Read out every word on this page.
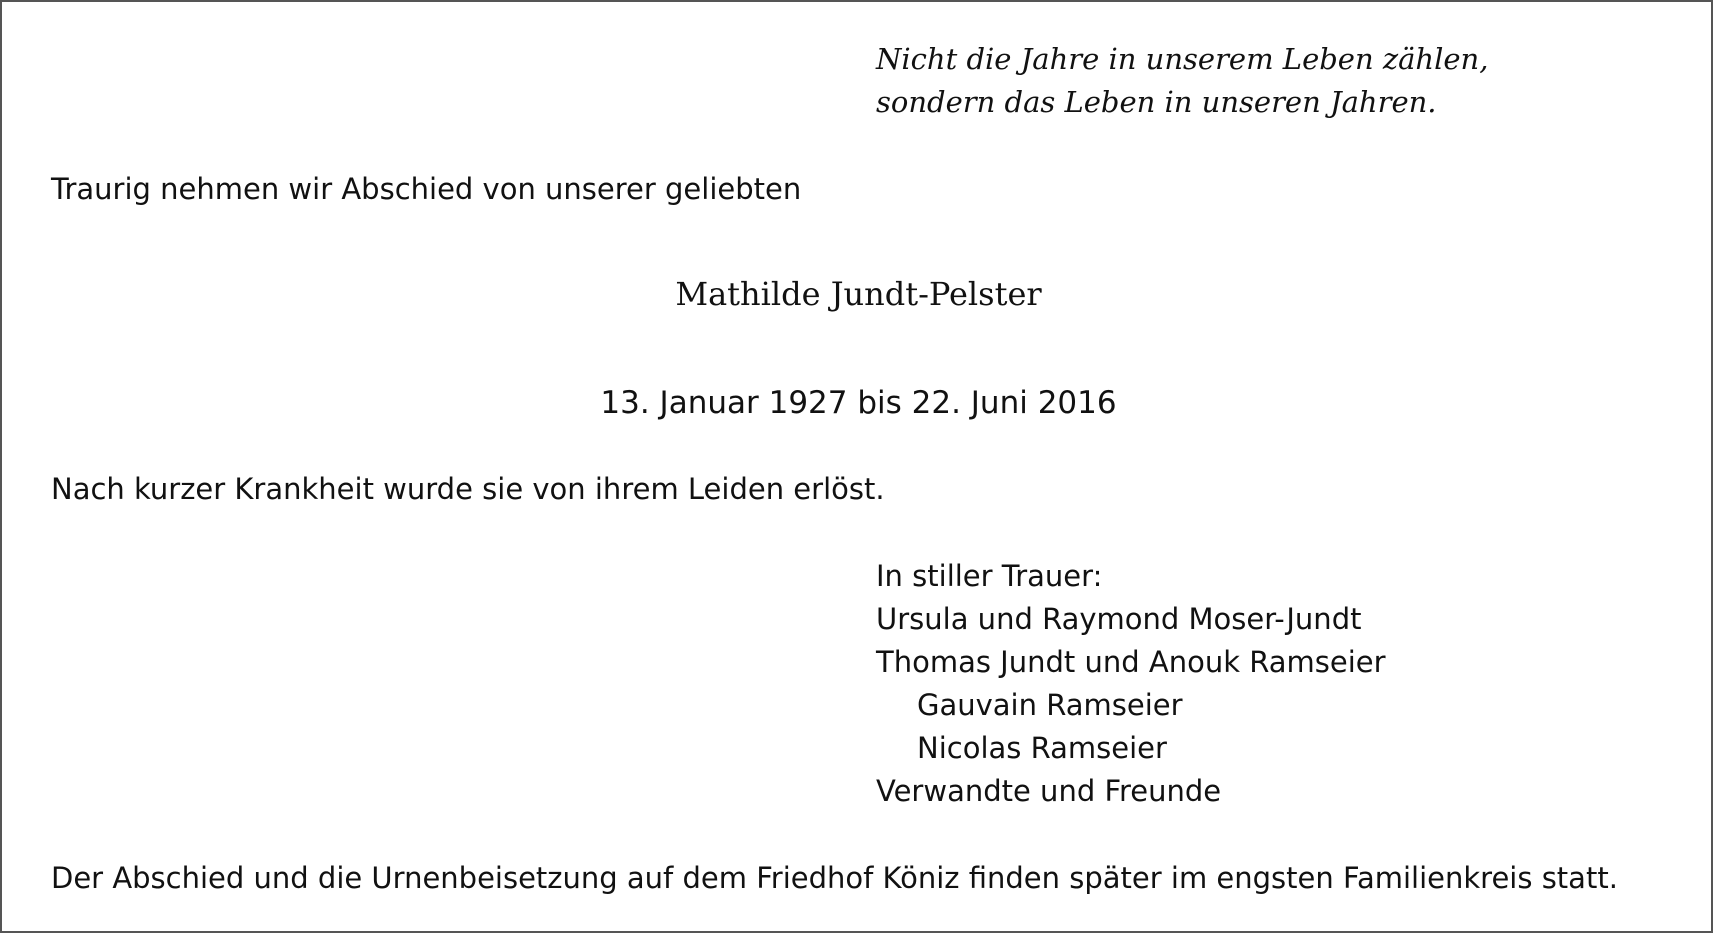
Nicht die Jahre in unserem Leben zählen,
sondern das Leben in unseren Jahren.
Traurig nehmen wir Abschied von unserer geliebten
Mathilde Jundt-Pelster
13. Januar 1927 bis 22. Juni 2016
Nach kurzer Krankheit wurde sie von ihrem Leiden erlöst.
In stiller Trauer:
Ursula und Raymond Moser-Jundt
Thomas Jundt und Anouk Ramseier
Gauvain Ramseier
Nicolas Ramseier
Verwandte und Freunde
Der Abschied und die Urnenbeisetzung auf dem Friedhof Köniz finden später im engsten Familienkreis statt.
